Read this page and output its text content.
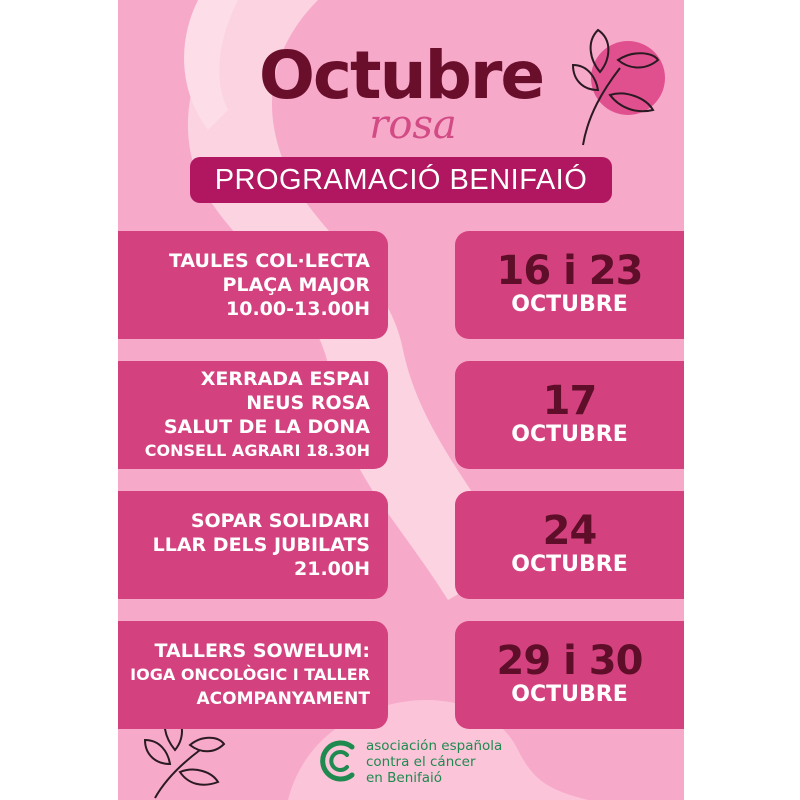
Octubre
rosa
PROGRAMACIÓ BENIFAIÓ
TAULES COL·LECTA
PLAÇA MAJOR
10.00-13.00H
16 i 23
OCTUBRE
XERRADA ESPAI
NEUS ROSA
SALUT DE LA DONA
CONSELL AGRARI 18.30H
17
OCTUBRE
SOPAR SOLIDARI
LLAR DELS JUBILATS
21.00H
24
OCTUBRE
TALLERS SOWELUM:
IOGA ONCOLÒGIC I TALLER
ACOMPANYAMENT
29 i 30
OCTUBRE
asociación española
contra el cáncer
en Benifaió
